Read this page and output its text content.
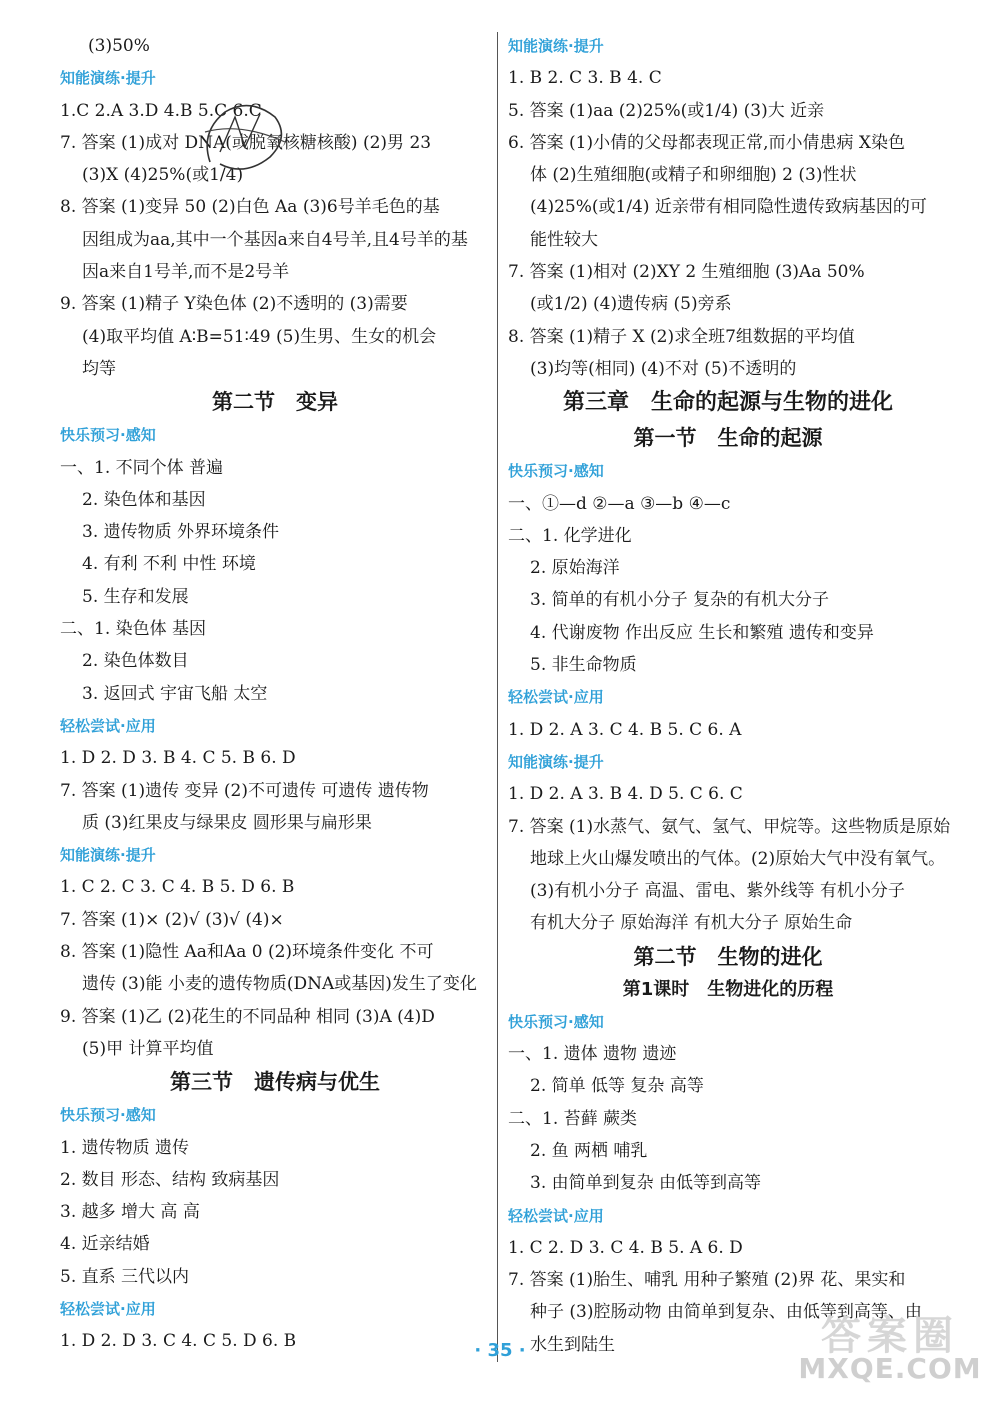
(3)50%
知能演练·提升
1.C 2.A 3.D 4.B 5.C 6.C
7. 答案 (1)成对 DNA(或脱氧核糖核酸) (2)男 23
(3)X (4)25%(或1/4)
8. 答案 (1)变异 50 (2)白色 Aa (3)6号羊毛色的基
因组成为aa,其中一个基因a来自4号羊,且4号羊的基
因a来自1号羊,而不是2号羊
9. 答案 (1)精子 Y染色体 (2)不透明的 (3)需要
(4)取平均值 A∶B=51∶49 (5)生男、生女的机会
均等
第二节　变异
快乐预习·感知
一、1. 不同个体 普遍
2. 染色体和基因
3. 遗传物质 外界环境条件
4. 有利 不利 中性 环境
5. 生存和发展
二、1. 染色体 基因
2. 染色体数目
3. 返回式 宇宙飞船 太空
轻松尝试·应用
1. D 2. D 3. B 4. C 5. B 6. D
7. 答案 (1)遗传 变异 (2)不可遗传 可遗传 遗传物
质 (3)红果皮与绿果皮 圆形果与扁形果
知能演练·提升
1. C 2. C 3. C 4. B 5. D 6. B
7. 答案 (1)× (2)√ (3)√ (4)×
8. 答案 (1)隐性 Aa和Aa 0 (2)环境条件变化 不可
遗传 (3)能 小麦的遗传物质(DNA或基因)发生了变化
9. 答案 (1)乙 (2)花生的不同品种 相同 (3)A (4)D
(5)甲 计算平均值
第三节　遗传病与优生
快乐预习·感知
1. 遗传物质 遗传
2. 数目 形态、结构 致病基因
3. 越多 增大 高 高
4. 近亲结婚
5. 直系 三代以内
轻松尝试·应用
1. D 2. D 3. C 4. C 5. D 6. B
知能演练·提升
1. B 2. C 3. B 4. C
5. 答案 (1)aa (2)25%(或1/4) (3)大 近亲
6. 答案 (1)小倩的父母都表现正常,而小倩患病 X染色
体 (2)生殖细胞(或精子和卵细胞) 2 (3)性状
(4)25%(或1/4) 近亲带有相同隐性遗传致病基因的可
能性较大
7. 答案 (1)相对 (2)XY 2 生殖细胞 (3)Aa 50%
(或1/2) (4)遗传病 (5)旁系
8. 答案 (1)精子 X (2)求全班7组数据的平均值
(3)均等(相同) (4)不对 (5)不透明的
第三章　生命的起源与生物的进化
第一节　生命的起源
快乐预习·感知
一、①—d ②—a ③—b ④—c
二、1. 化学进化
2. 原始海洋
3. 简单的有机小分子 复杂的有机大分子
4. 代谢废物 作出反应 生长和繁殖 遗传和变异
5. 非生命物质
轻松尝试·应用
1. D 2. A 3. C 4. B 5. C 6. A
知能演练·提升
1. D 2. A 3. B 4. D 5. C 6. C
7. 答案 (1)水蒸气、氨气、氢气、甲烷等。这些物质是原始
地球上火山爆发喷出的气体。(2)原始大气中没有氧气。
(3)有机小分子 高温、雷电、紫外线等 有机小分子
有机大分子 原始海洋 有机大分子 原始生命
第二节　生物的进化
第1课时　生物进化的历程
快乐预习·感知
一、1. 遗体 遗物 遗迹
2. 简单 低等 复杂 高等
二、1. 苔藓 蕨类
2. 鱼 两栖 哺乳
3. 由简单到复杂 由低等到高等
轻松尝试·应用
1. C 2. D 3. C 4. B 5. A 6. D
7. 答案 (1)胎生、哺乳 用种子繁殖 (2)界 花、果实和
种子 (3)腔肠动物 由简单到复杂、由低等到高等、由
水生到陆生
· 35 ·	答案圈
MXQE.COM
